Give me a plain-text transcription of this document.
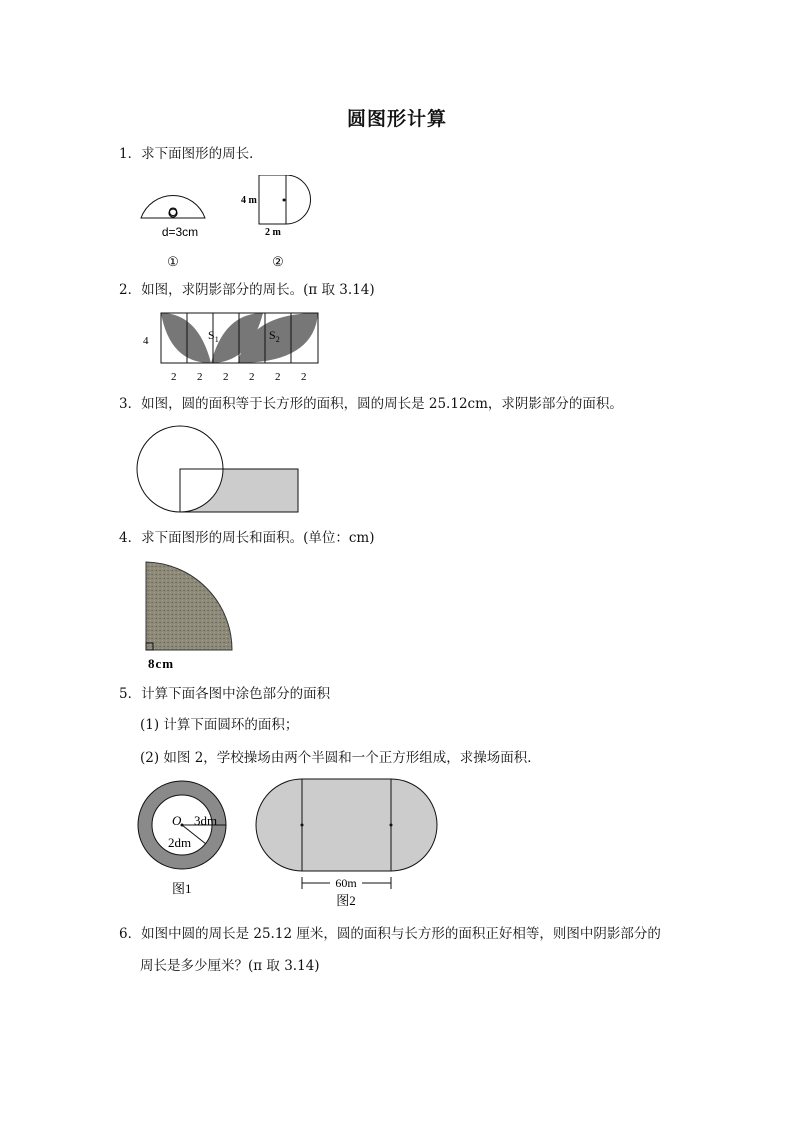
圆图形计算
1．求下面图形的周长．
O
d=3cm
①
4 m
2 m
②
2．如图，求阴影部分的周长。(π 取 3.14)
4	$S_1$	$S_2$
2 2 2 2 2 2
3．如图，圆的面积等于长方形的面积，圆的周长是 25.12cm，求阴影部分的面积。
4．求下面图形的周长和面积。(单位：cm)
8cm
5．计算下面各图中涂色部分的面积
(1) 计算下面圆环的面积；
(2) 如图 2，学校操场由两个半圆和一个正方形组成，求操场面积．
O 3dm
2dm
图1	60m
图2
6．如图中圆的周长是 25.12 厘米，圆的面积与长方形的面积正好相等，则图中阴影部分的
周长是多少厘米？(π 取 3.14)
